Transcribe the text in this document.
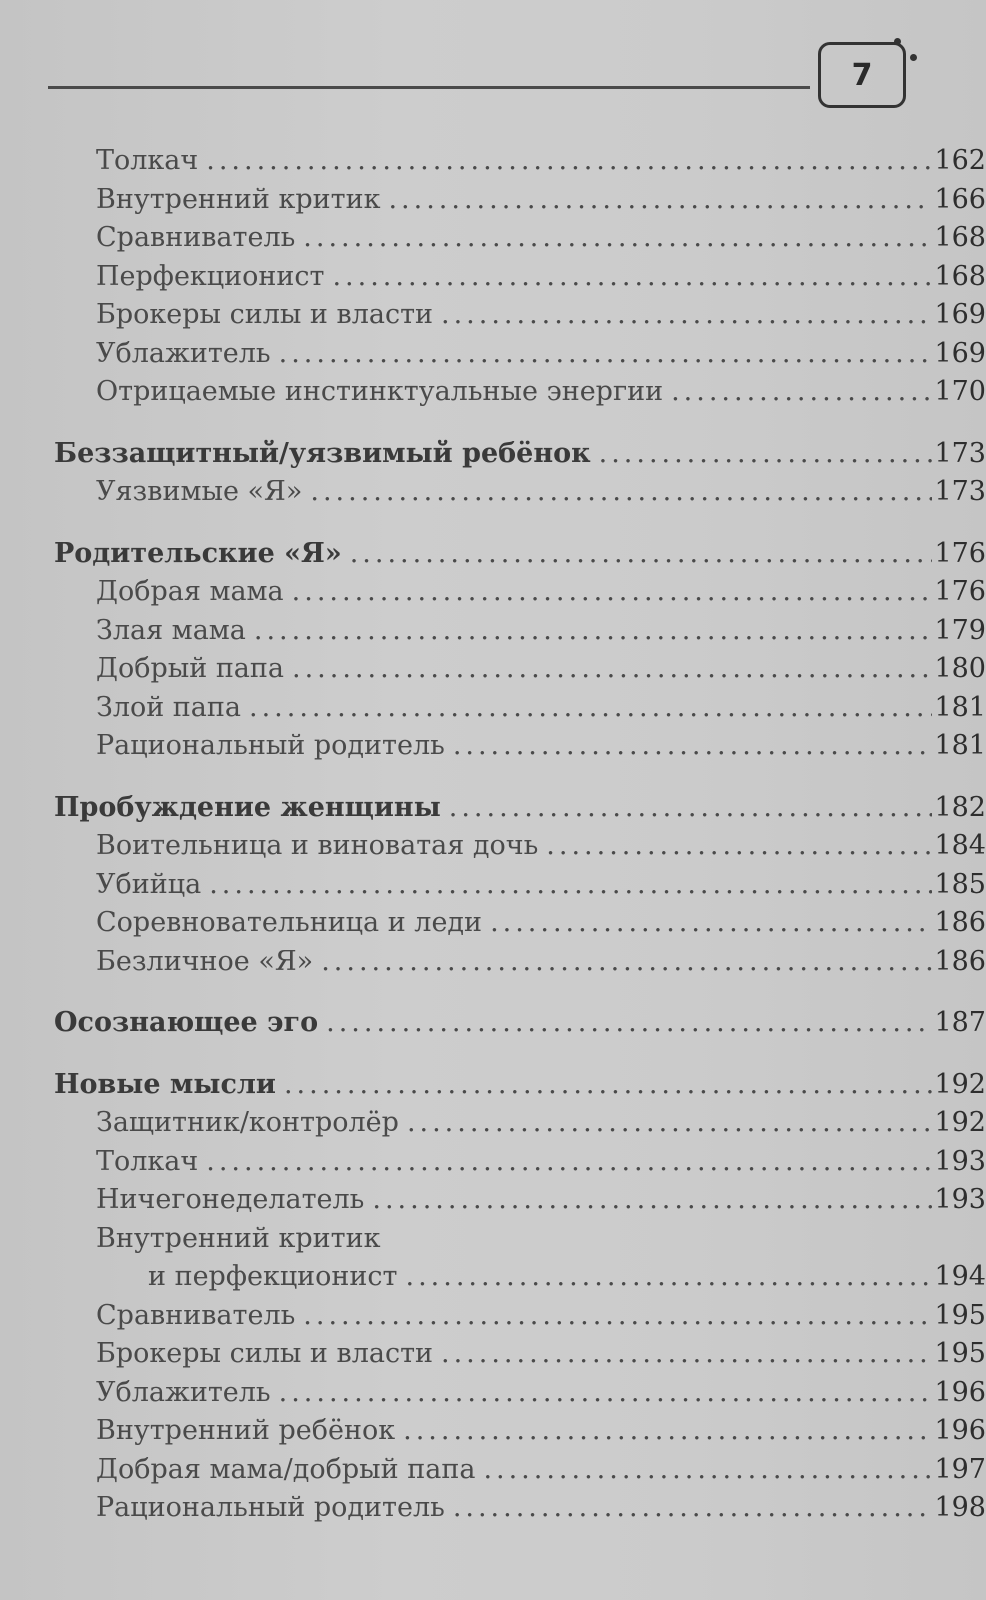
7
Толкач .....	162
Внутренний критик .....	166
Сравниватель .....	168
Перфекционист .....	168
Брокеры силы и власти .....	169
Ублажитель .....	169
Отрицаемые инстинктуальные энергии .....	170
Беззащитный/уязвимый ребёнок .....	173
Уязвимые «Я» .....	173
Родительские «Я» .....	176
Добрая мама .....	176
Злая мама .....	179
Добрый папа .....	180
Злой папа .....	181
Рациональный родитель .....	181
Пробуждение женщины .....	182
Воительница и виноватая дочь .....	184
Убийца .....	185
Соревновательница и леди .....	186
Безличное «Я» .....	186
Осознающее эго .....	187
Новые мысли .....	192
Защитник/контролёр .....	192
Толкач .....	193
Ничегонеделатель .....	193
Внутренний критик
и перфекционист .....	194
Сравниватель .....	195
Брокеры силы и власти .....	195
Ублажитель .....	196
Внутренний ребёнок .....	196
Добрая мама/добрый папа .....	197
Рациональный родитель .....	198
